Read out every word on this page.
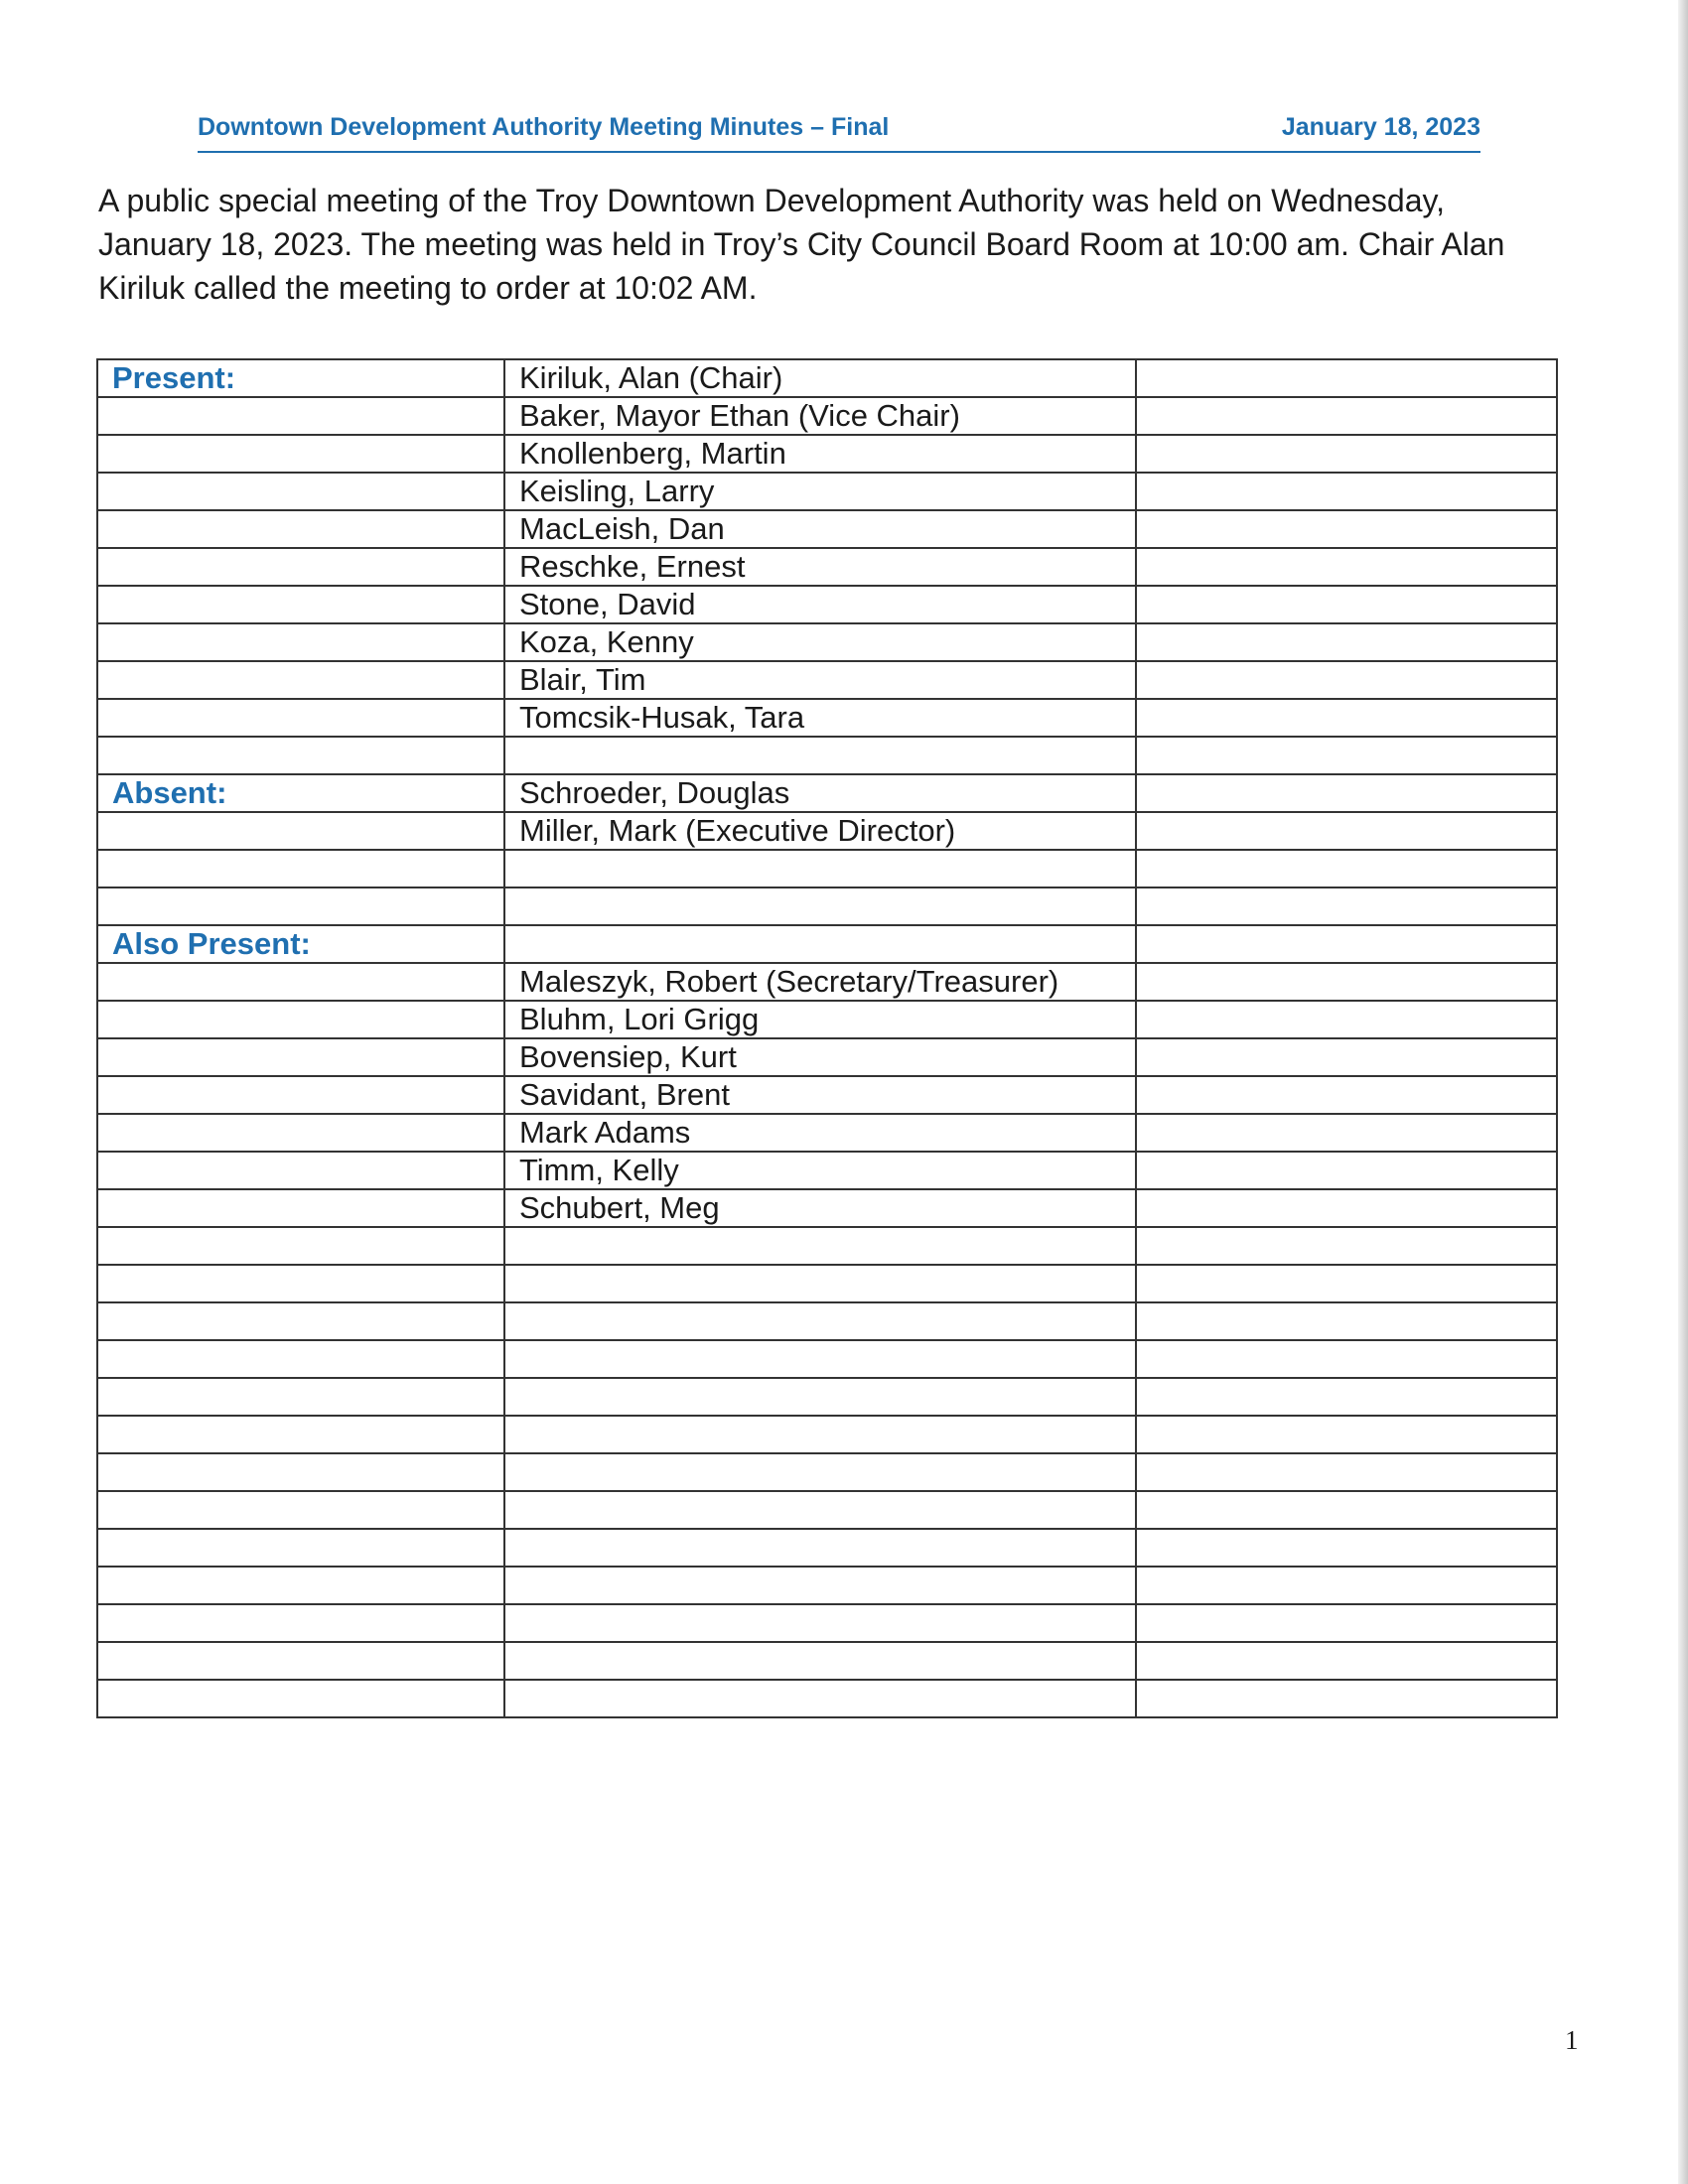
Downtown Development Authority Meeting Minutes – Final	January 18, 2023

A public special meeting of the Troy Downtown Development Authority was held on Wednesday,

January 18, 2023. The meeting was held in Troy’s City Council Board Room at 10:00 am. Chair Alan

Kiriluk called the meeting to order at 10:02 AM.

Present:	Kiriluk, Alan (Chair)	
	Baker, Mayor Ethan (Vice Chair)	
	Knollenberg, Martin	
	Keisling, Larry	
	MacLeish, Dan	
	Reschke, Ernest	
	Stone, David	
	Koza, Kenny	
	Blair, Tim	
	Tomcsik-Husak, Tara	

Absent:	Schroeder, Douglas	
	Miller, Mark (Executive Director)	

Also Present:		
	Maleszyk, Robert (Secretary/Treasurer)	
	Bluhm, Lori Grigg	
	Bovensiep, Kurt	
	Savidant, Brent	
	Mark Adams	
	Timm, Kelly	
	Schubert, Meg	

1
